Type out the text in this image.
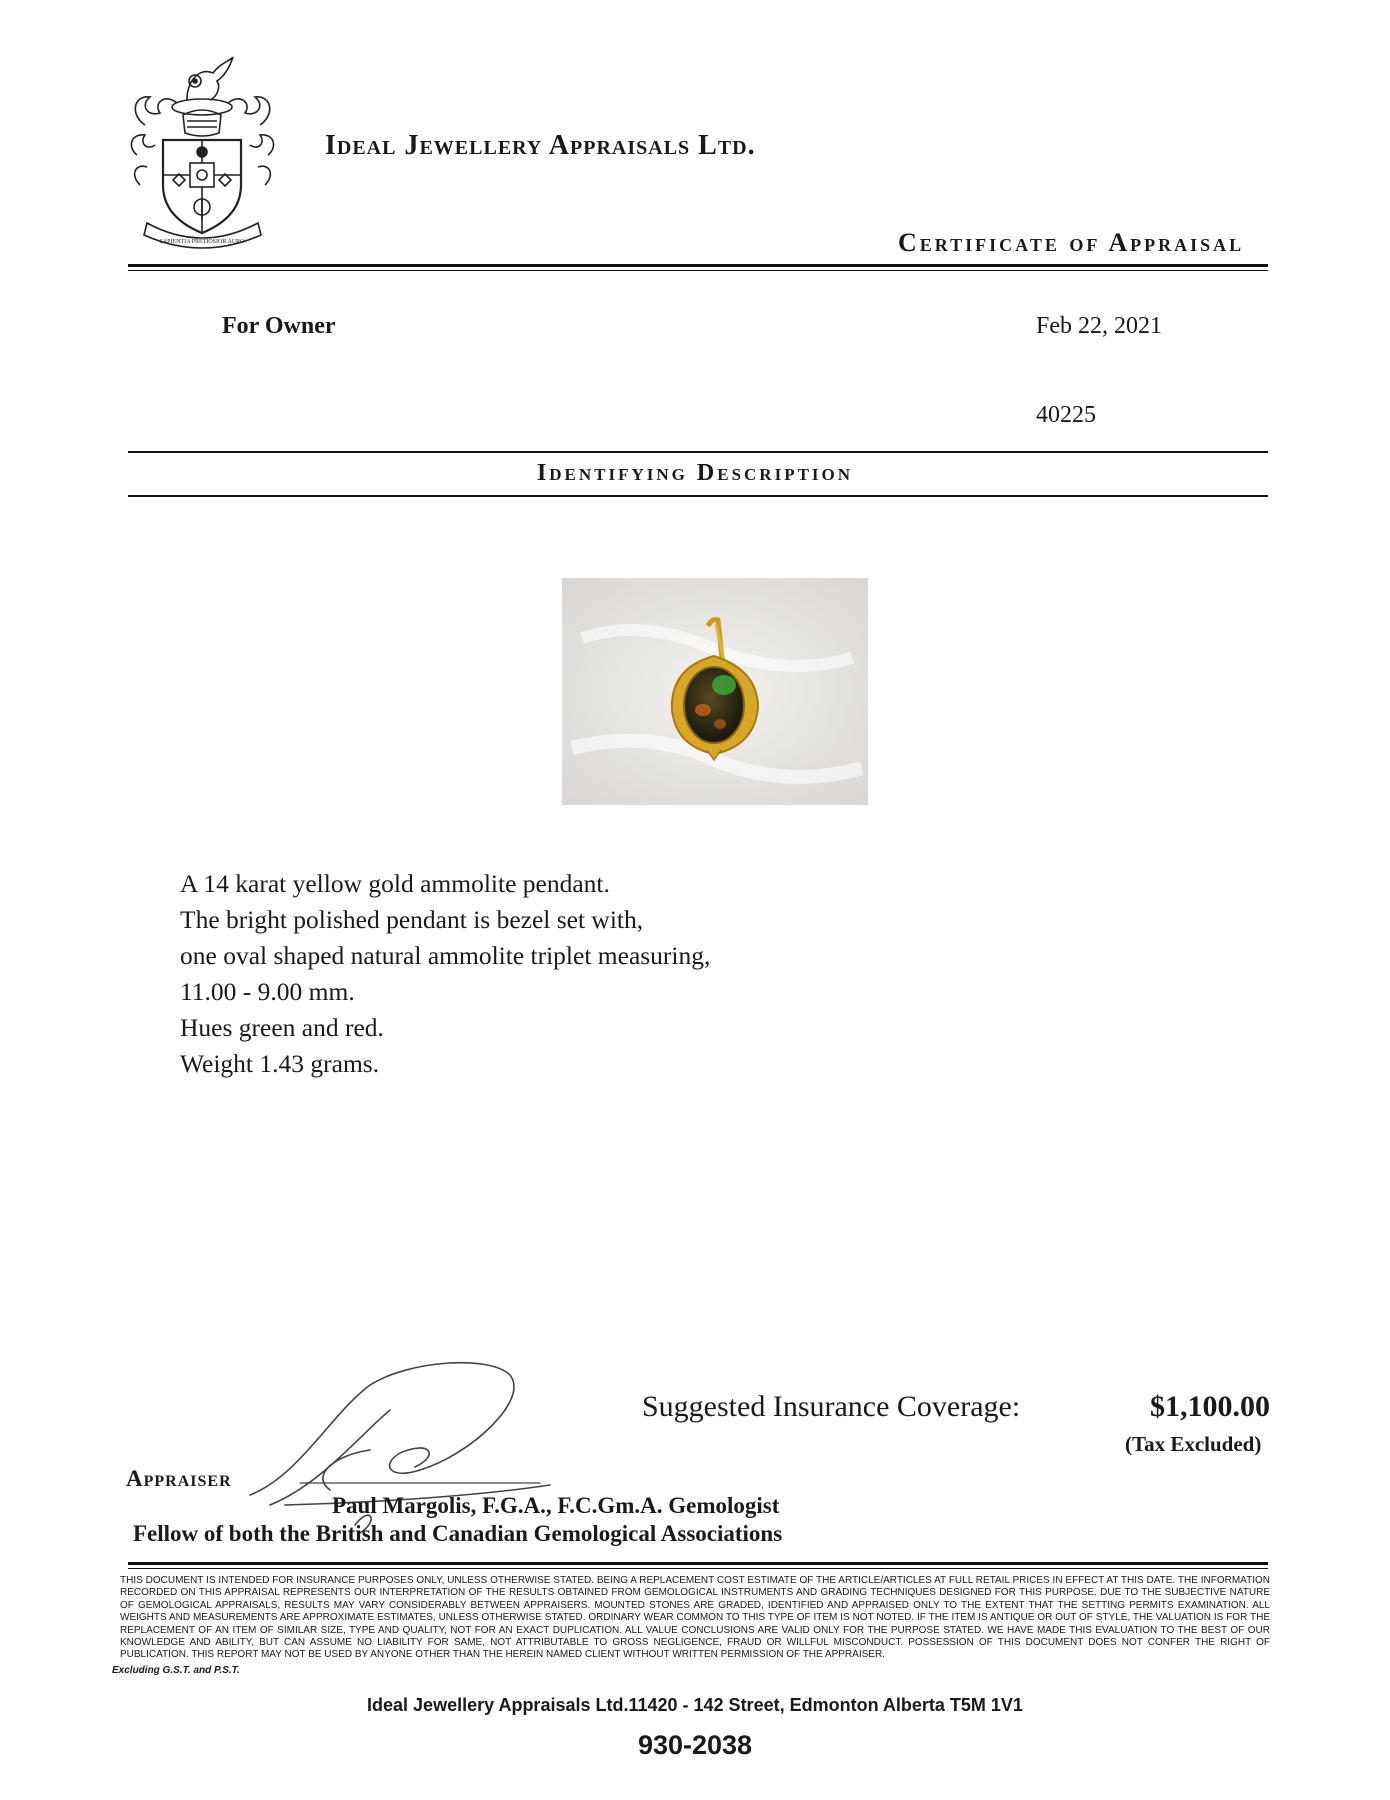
SAPIENTIA PRETIOSIOR AURO
Ideal Jewellery Appraisals Ltd.
Certificate of Appraisal
For Owner	Feb 22, 2021
40225
Identifying Description
A 14 karat yellow gold ammolite pendant.
The bright polished pendant is bezel set with,
one oval shaped natural ammolite triplet measuring,
11.00 - 9.00 mm.
Hues green and red.
Weight 1.43 grams.
Suggested Insurance Coverage:	$1,100.00
(Tax Excluded)
Appraiser
Paul Margolis, F.G.A., F.C.Gm.A. Gemologist
Fellow of both the British and Canadian Gemological Associations
THIS DOCUMENT IS INTENDED FOR INSURANCE PURPOSES ONLY, UNLESS OTHERWISE STATED. BEING A REPLACEMENT COST ESTIMATE OF THE ARTICLE/ARTICLES AT FULL RETAIL PRICES IN EFFECT AT THIS DATE. THE INFORMATION RECORDED ON THIS APPRAISAL REPRESENTS OUR INTERPRETATION OF THE RESULTS OBTAINED FROM GEMOLOGICAL INSTRUMENTS AND GRADING TECHNIQUES DESIGNED FOR THIS PURPOSE. DUE TO THE SUBJECTIVE NATURE OF GEMOLOGICAL APPRAISALS, RESULTS MAY VARY CONSIDERABLY BETWEEN APPRAISERS. MOUNTED STONES ARE GRADED, IDENTIFIED AND APPRAISED ONLY TO THE EXTENT THAT THE SETTING PERMITS EXAMINATION. ALL WEIGHTS AND MEASUREMENTS ARE APPROXIMATE ESTIMATES, UNLESS OTHERWISE STATED. ORDINARY WEAR COMMON TO THIS TYPE OF ITEM IS NOT NOTED. IF THE ITEM IS ANTIQUE OR OUT OF STYLE, THE VALUATION IS FOR THE REPLACEMENT OF AN ITEM OF SIMILAR SIZE, TYPE AND QUALITY, NOT FOR AN EXACT DUPLICATION. ALL VALUE CONCLUSIONS ARE VALID ONLY FOR THE PURPOSE STATED. WE HAVE MADE THIS EVALUATION TO THE BEST OF OUR KNOWLEDGE AND ABILITY, BUT CAN ASSUME NO LIABILITY FOR SAME, NOT ATTRIBUTABLE TO GROSS NEGLIGENCE, FRAUD OR WILLFUL MISCONDUCT. POSSESSION OF THIS DOCUMENT DOES NOT CONFER THE RIGHT OF PUBLICATION. THIS REPORT MAY NOT BE USED BY ANYONE OTHER THAN THE HEREIN NAMED CLIENT WITHOUT WRITTEN PERMISSION OF THE APPRAISER.
Excluding G.S.T. and P.S.T.
Ideal Jewellery Appraisals Ltd.11420 - 142 Street, Edmonton Alberta T5M 1V1
930-2038
